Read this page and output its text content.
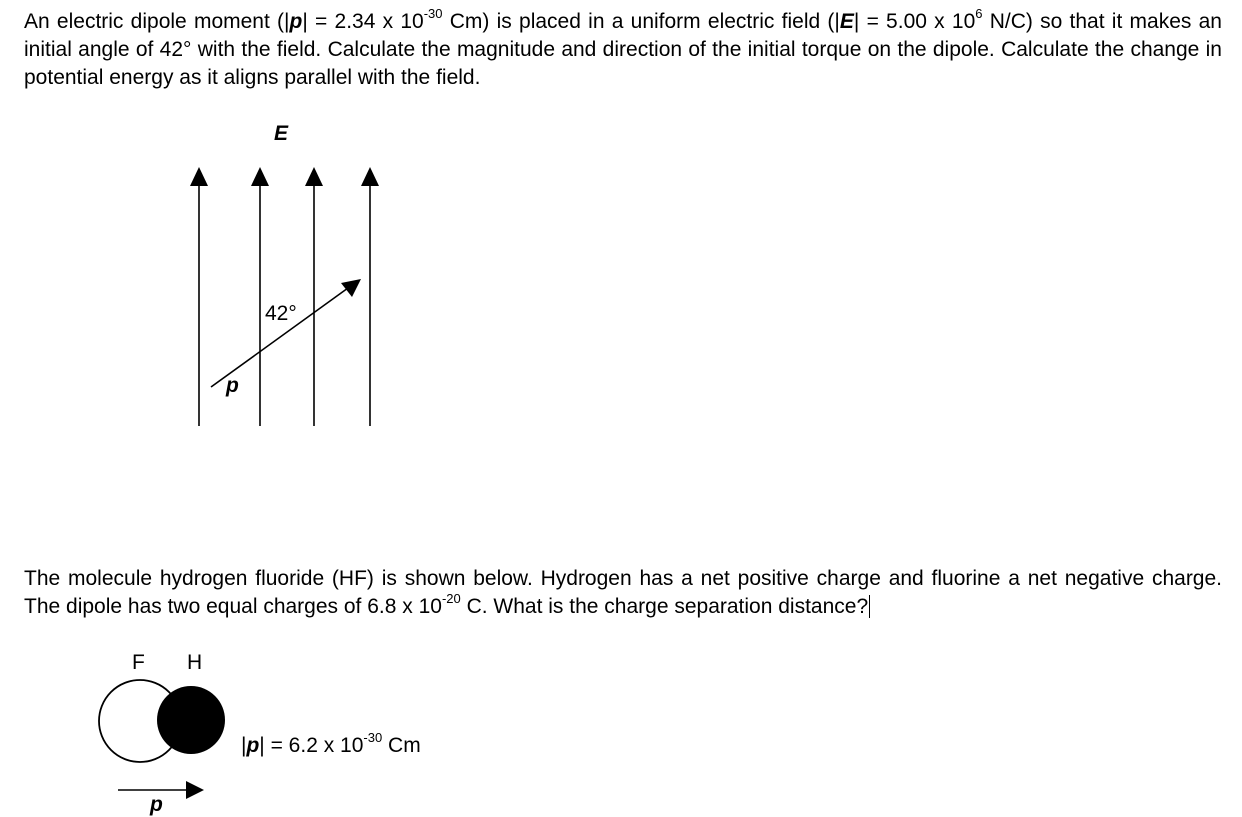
An electric dipole moment (|p| = 2.34 x $10^{-30}$ Cm) is placed in a uniform electric field (|E| = 5.00 x $10^6$ N/C) so that it makes an initial angle of 42° with the field. Calculate the magnitude and direction of the initial torque on the dipole. Calculate the change in potential energy as it aligns parallel with the field.

E
p
42°

The molecule hydrogen fluoride (HF) is shown below. Hydrogen has a net positive charge and fluorine a net negative charge. The dipole has two equal charges of 6.8 x $10^{-20}$ C. What is the charge separation distance?

F H
p
|p| = 6.2 x $10^{-30}$ Cm
